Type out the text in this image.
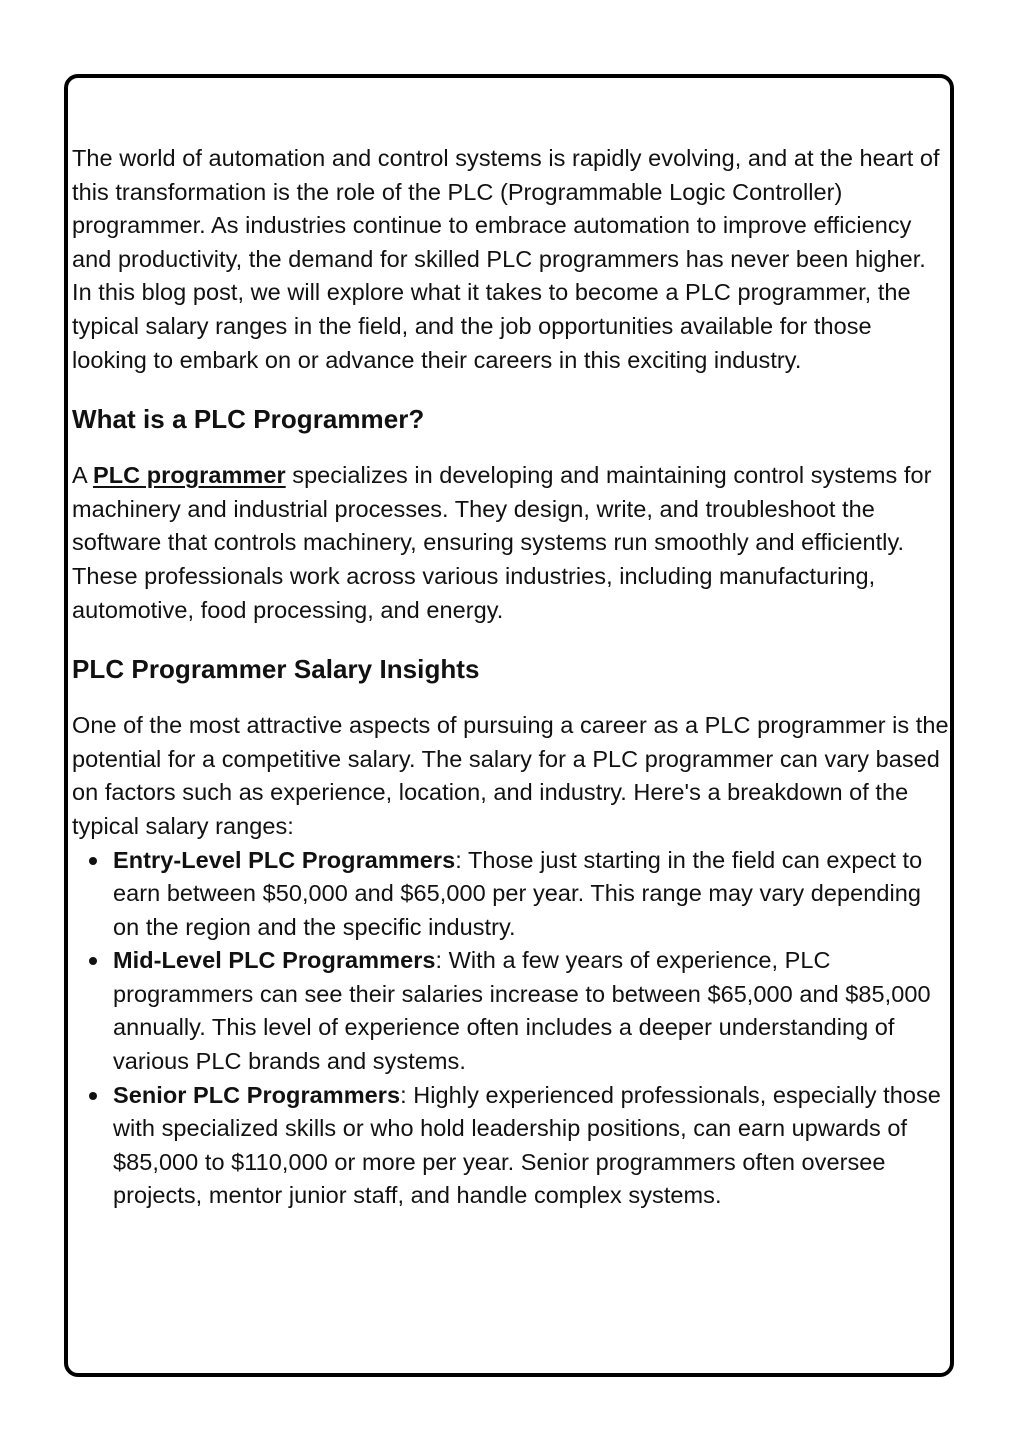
The world of automation and control systems is rapidly evolving, and at the heart of this transformation is the role of the PLC (Programmable Logic Controller) programmer. As industries continue to embrace automation to improve efficiency and productivity, the demand for skilled PLC programmers has never been higher. In this blog post, we will explore what it takes to become a PLC programmer, the typical salary ranges in the field, and the job opportunities available for those looking to embark on or advance their careers in this exciting industry.

What is a PLC Programmer?

A PLC programmer specializes in developing and maintaining control systems for machinery and industrial processes. They design, write, and troubleshoot the software that controls machinery, ensuring systems run smoothly and efficiently. These professionals work across various industries, including manufacturing, automotive, food processing, and energy.

PLC Programmer Salary Insights

One of the most attractive aspects of pursuing a career as a PLC programmer is the potential for a competitive salary. The salary for a PLC programmer can vary based on factors such as experience, location, and industry. Here's a breakdown of the typical salary ranges:

Entry-Level PLC Programmers: Those just starting in the field can expect to earn between $50,000 and $65,000 per year. This range may vary depending on the region and the specific industry.
Mid-Level PLC Programmers: With a few years of experience, PLC programmers can see their salaries increase to between $65,000 and $85,000 annually. This level of experience often includes a deeper understanding of various PLC brands and systems.
Senior PLC Programmers: Highly experienced professionals, especially those with specialized skills or who hold leadership positions, can earn upwards of $85,000 to $110,000 or more per year. Senior programmers often oversee projects, mentor junior staff, and handle complex systems.
